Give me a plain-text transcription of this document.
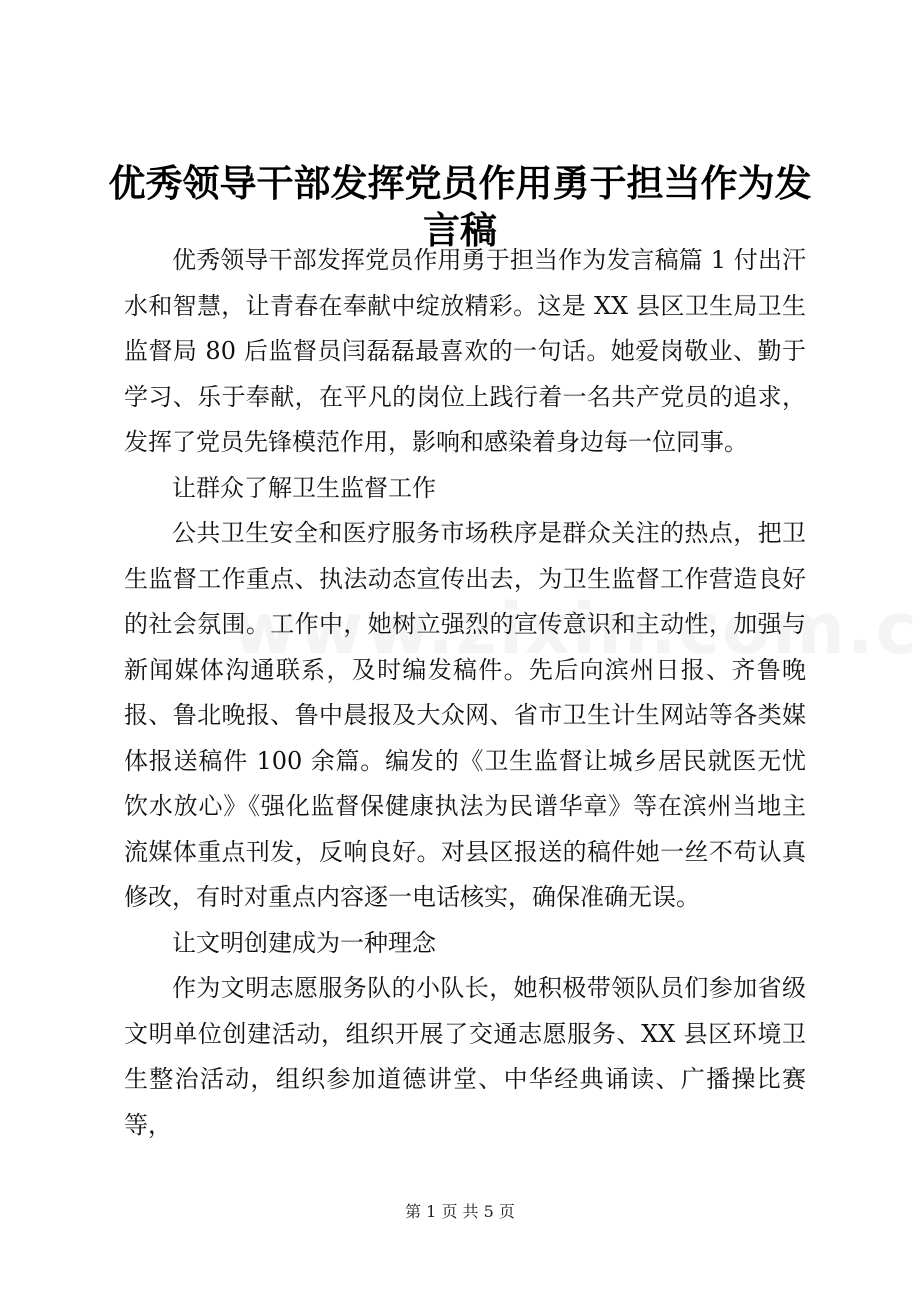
优秀领导干部发挥党员作用勇于担当作为发言稿

优秀领导干部发挥党员作用勇于担当作为发言稿篇 1 付出汗水和智慧，让青春在奉献中绽放精彩。这是 XX 县区卫生局卫生监督局 80 后监督员闫磊磊最喜欢的一句话。她爱岗敬业、勤于学习、乐于奉献，在平凡的岗位上践行着一名共产党员的追求，发挥了党员先锋模范作用，影响和感染着身边每一位同事。

让群众了解卫生监督工作

公共卫生安全和医疗服务市场秩序是群众关注的热点，把卫生监督工作重点、执法动态宣传出去，为卫生监督工作营造良好的社会氛围。工作中，她树立强烈的宣传意识和主动性，加强与新闻媒体沟通联系，及时编发稿件。先后向滨州日报、齐鲁晚报、鲁北晚报、鲁中晨报及大众网、省市卫生计生网站等各类媒体报送稿件 100 余篇。编发的《卫生监督让城乡居民就医无忧饮水放心》《强化监督保健康执法为民谱华章》等在滨州当地主流媒体重点刊发，反响良好。对县区报送的稿件她一丝不苟认真修改，有时对重点内容逐一电话核实，确保准确无误。

让文明创建成为一种理念

作为文明志愿服务队的小队长，她积极带领队员们参加省级文明单位创建活动，组织开展了交通志愿服务、XX 县区环境卫生整治活动，组织参加道德讲堂、中华经典诵读、广播操比赛等，

第 1 页 共 5 页
